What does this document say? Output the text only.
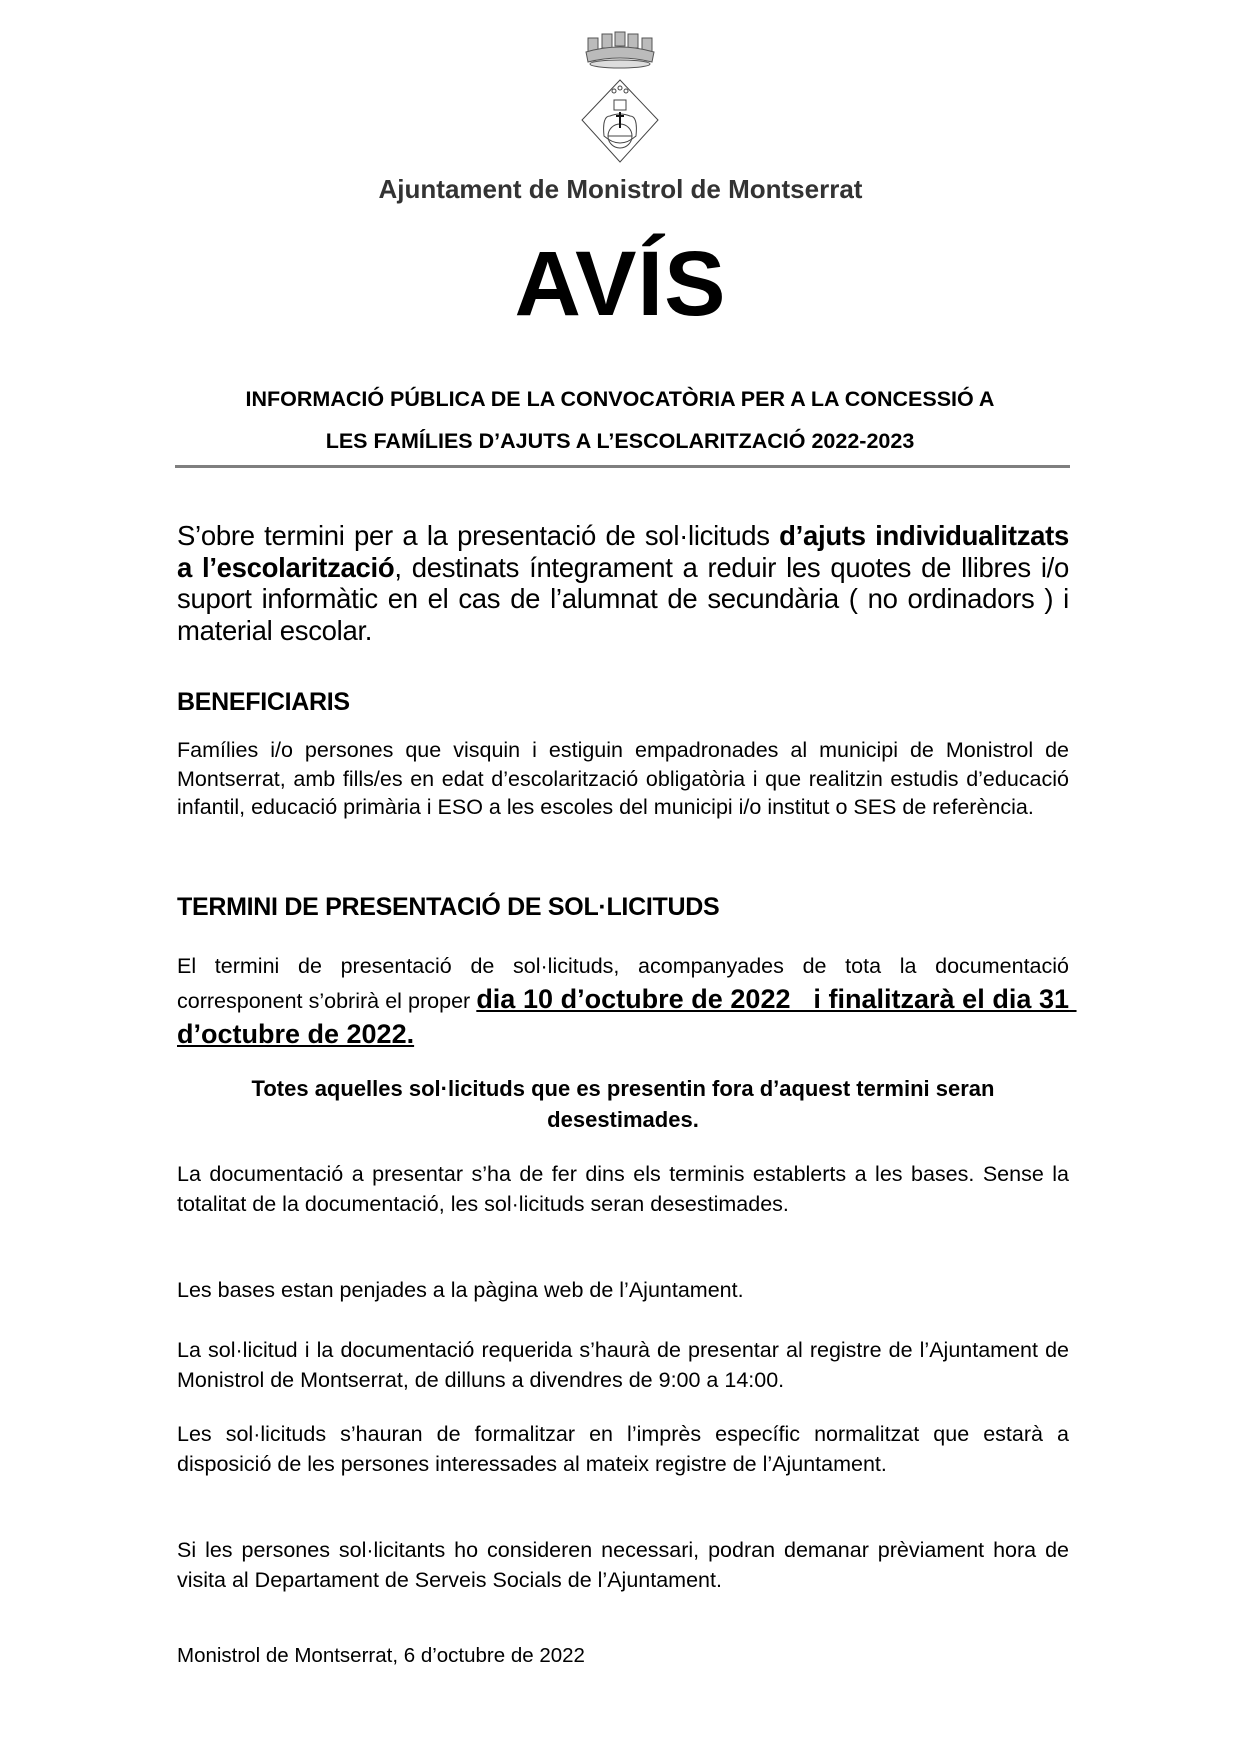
Ajuntament de Monistrol de Montserrat
AVÍS
INFORMACIÓ PÚBLICA DE LA CONVOCATÒRIA PER A LA CONCESSIÓ A
LES FAMÍLIES D’AJUTS A L’ESCOLARITZACIÓ 2022-2023
S’obre termini per a la presentació de sol·licituds d’ajuts individualitzats a l’escolarització, destinats íntegrament a reduir les quotes de llibres i/o suport informàtic en el cas de l’alumnat de secundària ( no ordinadors ) i material escolar.
BENEFICIARIS
Famílies i/o persones que visquin i estiguin empadronades al municipi de Monistrol de Montserrat, amb fills/es en edat d’escolarització obligatòria i que realitzin estudis d’educació infantil, educació primària i ESO a les escoles del municipi i/o institut o SES de referència.
TERMINI DE PRESENTACIÓ DE SOL·LICITUDS
El termini de presentació de sol·licituds, acompanyades de tota la documentació corresponent s’obrirà el proper dia 10 d’octubre de 2022   i finalitzarà el dia 31 d’octubre de 2022.
Totes aquelles sol·licituds que es presentin fora d’aquest termini seran desestimades.
La documentació a presentar s’ha de fer dins els terminis establerts a les bases. Sense la totalitat de la documentació, les sol·licituds seran desestimades.
Les bases estan penjades a la pàgina web de l’Ajuntament.
La sol·licitud i la documentació requerida s’haurà de presentar al registre de l’Ajuntament de Monistrol de Montserrat, de dilluns a divendres de 9:00 a 14:00.
Les sol·licituds s’hauran de formalitzar en l’imprès específic normalitzat que estarà a disposició de les persones interessades al mateix registre de l’Ajuntament.
Si les persones sol·licitants ho consideren necessari, podran demanar prèviament hora de visita al Departament de Serveis Socials de l’Ajuntament.
Monistrol de Montserrat, 6 d’octubre de 2022
